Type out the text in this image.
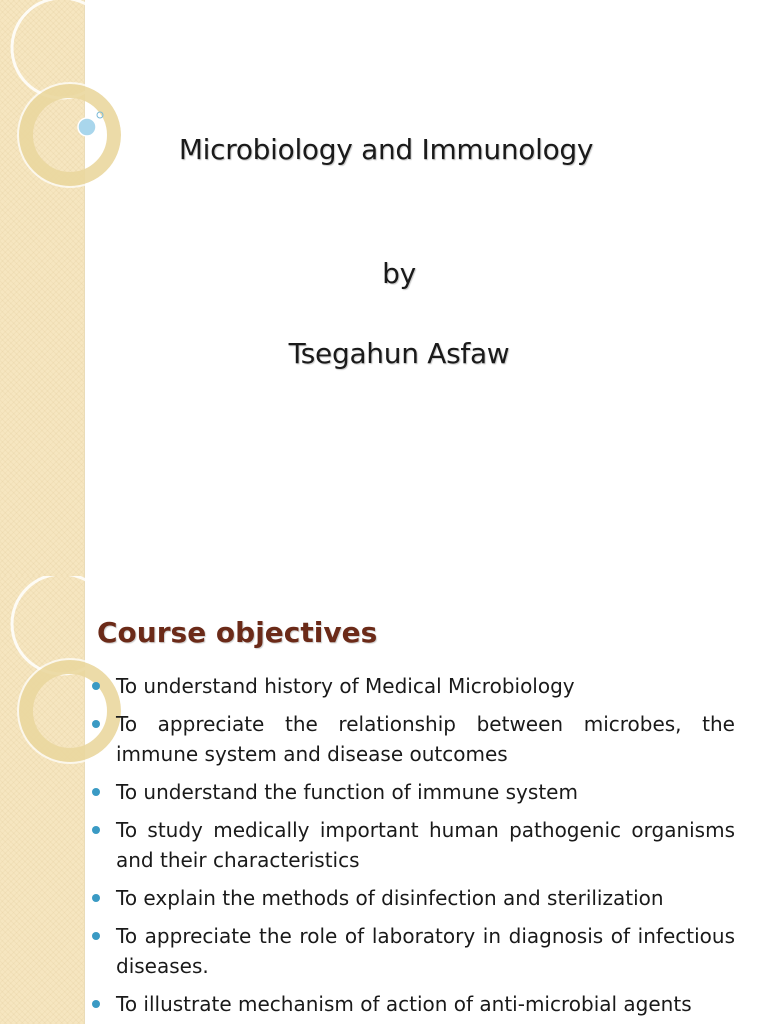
Microbiology and Immunology
by
Tsegahun Asfaw
Course objectives
To understand history of Medical Microbiology
To appreciate the relationship between microbes, the immune system and disease outcomes
To understand the function of immune system
To study medically important human pathogenic organisms and their characteristics
To explain the methods of disinfection and sterilization
To appreciate the role of laboratory in diagnosis of infectious diseases.
To illustrate mechanism of action of anti-microbial agents
